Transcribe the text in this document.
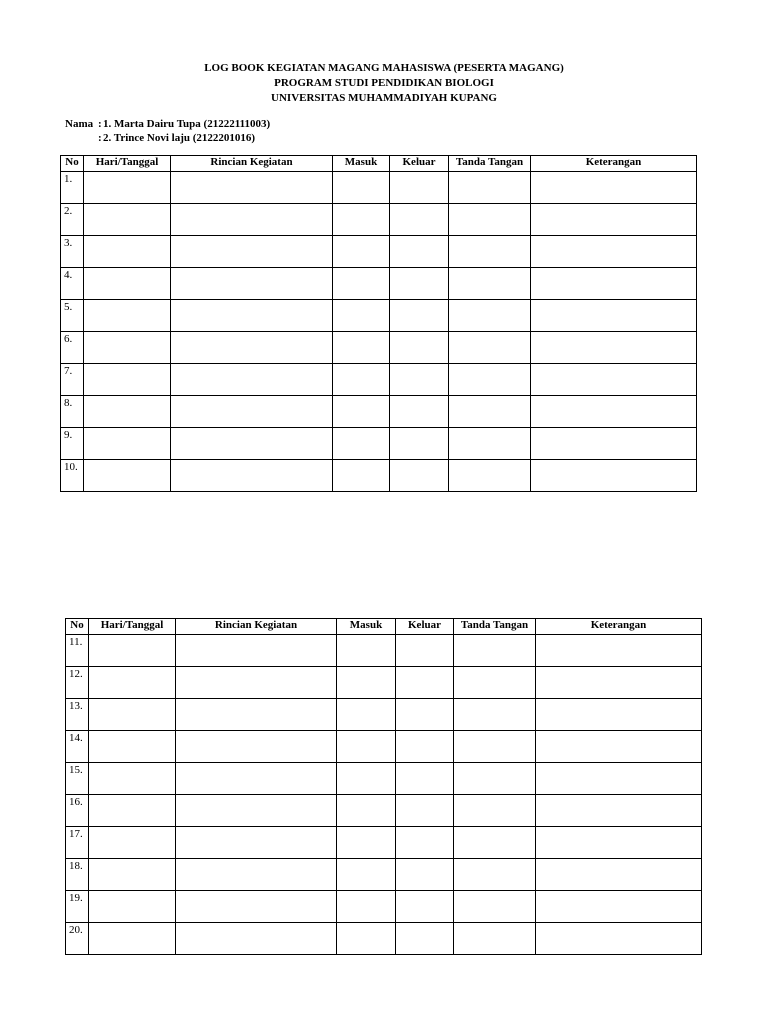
LOG BOOK KEGIATAN MAGANG MAHASISWA (PESERTA MAGANG)
PROGRAM STUDI PENDIDIKAN BIOLOGI
UNIVERSITAS MUHAMMADIYAH KUPANG
Nama : 1. Marta Dairu Tupa (21222111003)
: 2. Trince Novi laju (2122201016)
No	Hari/Tanggal	Rincian Kegiatan	Masuk	Keluar	Tanda Tangan	Keterangan
1.						
2.						
3.						
4.						
5.						
6.						
7.						
8.						
9.						
10.						
No	Hari/Tanggal	Rincian Kegiatan	Masuk	Keluar	Tanda Tangan	Keterangan
11.						
12.						
13.						
14.						
15.						
16.						
17.						
18.						
19.						
20.						
